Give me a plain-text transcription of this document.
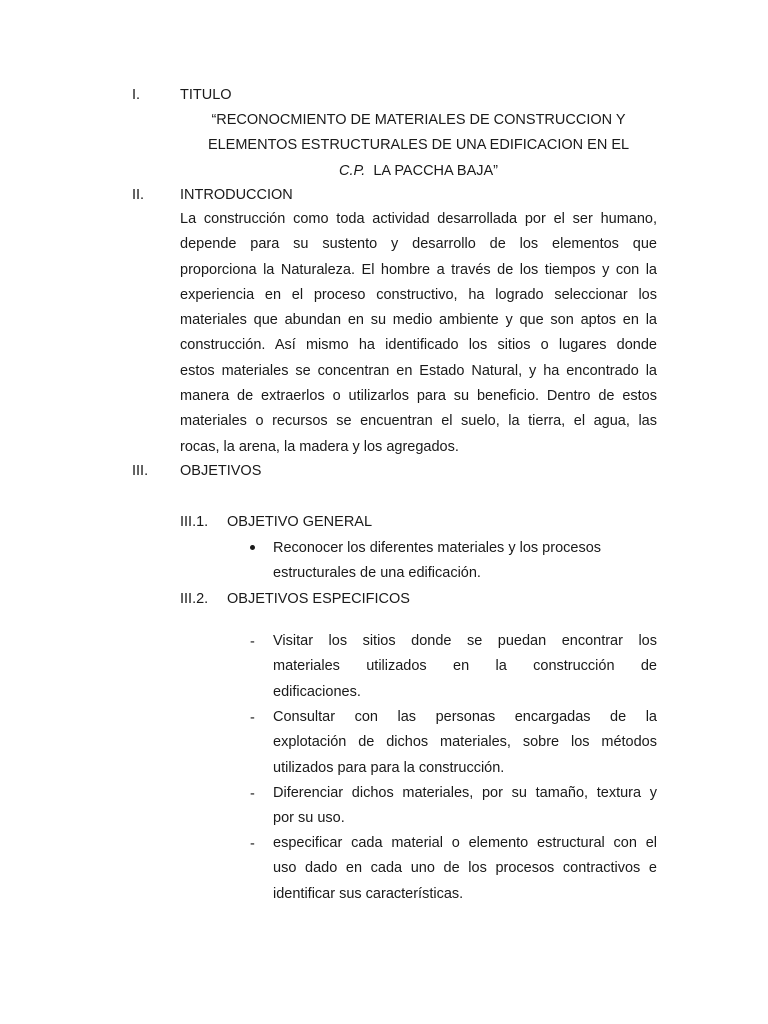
I.	TITULO
“RECONOCMIENTO DE MATERIALES DE CONSTRUCCION Y
ELEMENTOS ESTRUCTURALES DE UNA EDIFICACION EN EL
C.P.  LA PACCHA BAJA”
II. INTRODUCCION
La construcción como toda actividad desarrollada por el ser humano,
depende para su sustento y desarrollo de los elementos que
proporciona la Naturaleza. El hombre a través de los tiempos y con la
experiencia en el proceso constructivo, ha logrado seleccionar los
materiales que abundan en su medio ambiente y que son aptos en la
construcción. Así mismo ha identificado los sitios o lugares donde
estos materiales se concentran en Estado Natural, y ha encontrado la
manera de extraerlos o utilizarlos para su beneficio. Dentro de estos
materiales o recursos se encuentran el suelo, la tierra, el agua, las
rocas, la arena, la madera y los agregados.
III. OBJETIVOS
III.1. OBJETIVO GENERAL
Reconocer los diferentes materiales y los procesos
estructurales de una edificación.
III.2. OBJETIVOS ESPECIFICOS
- Visitar los sitios donde se puedan encontrar los
materiales utilizados en la construcción de
edificaciones.
- Consultar con las personas encargadas de la
explotación de dichos materiales, sobre los métodos
utilizados para para la construcción.
- Diferenciar dichos materiales, por su tamaño, textura y
por su uso.
- especificar cada material o elemento estructural con el
uso dado en cada uno de los procesos contractivos e
identificar sus características.
